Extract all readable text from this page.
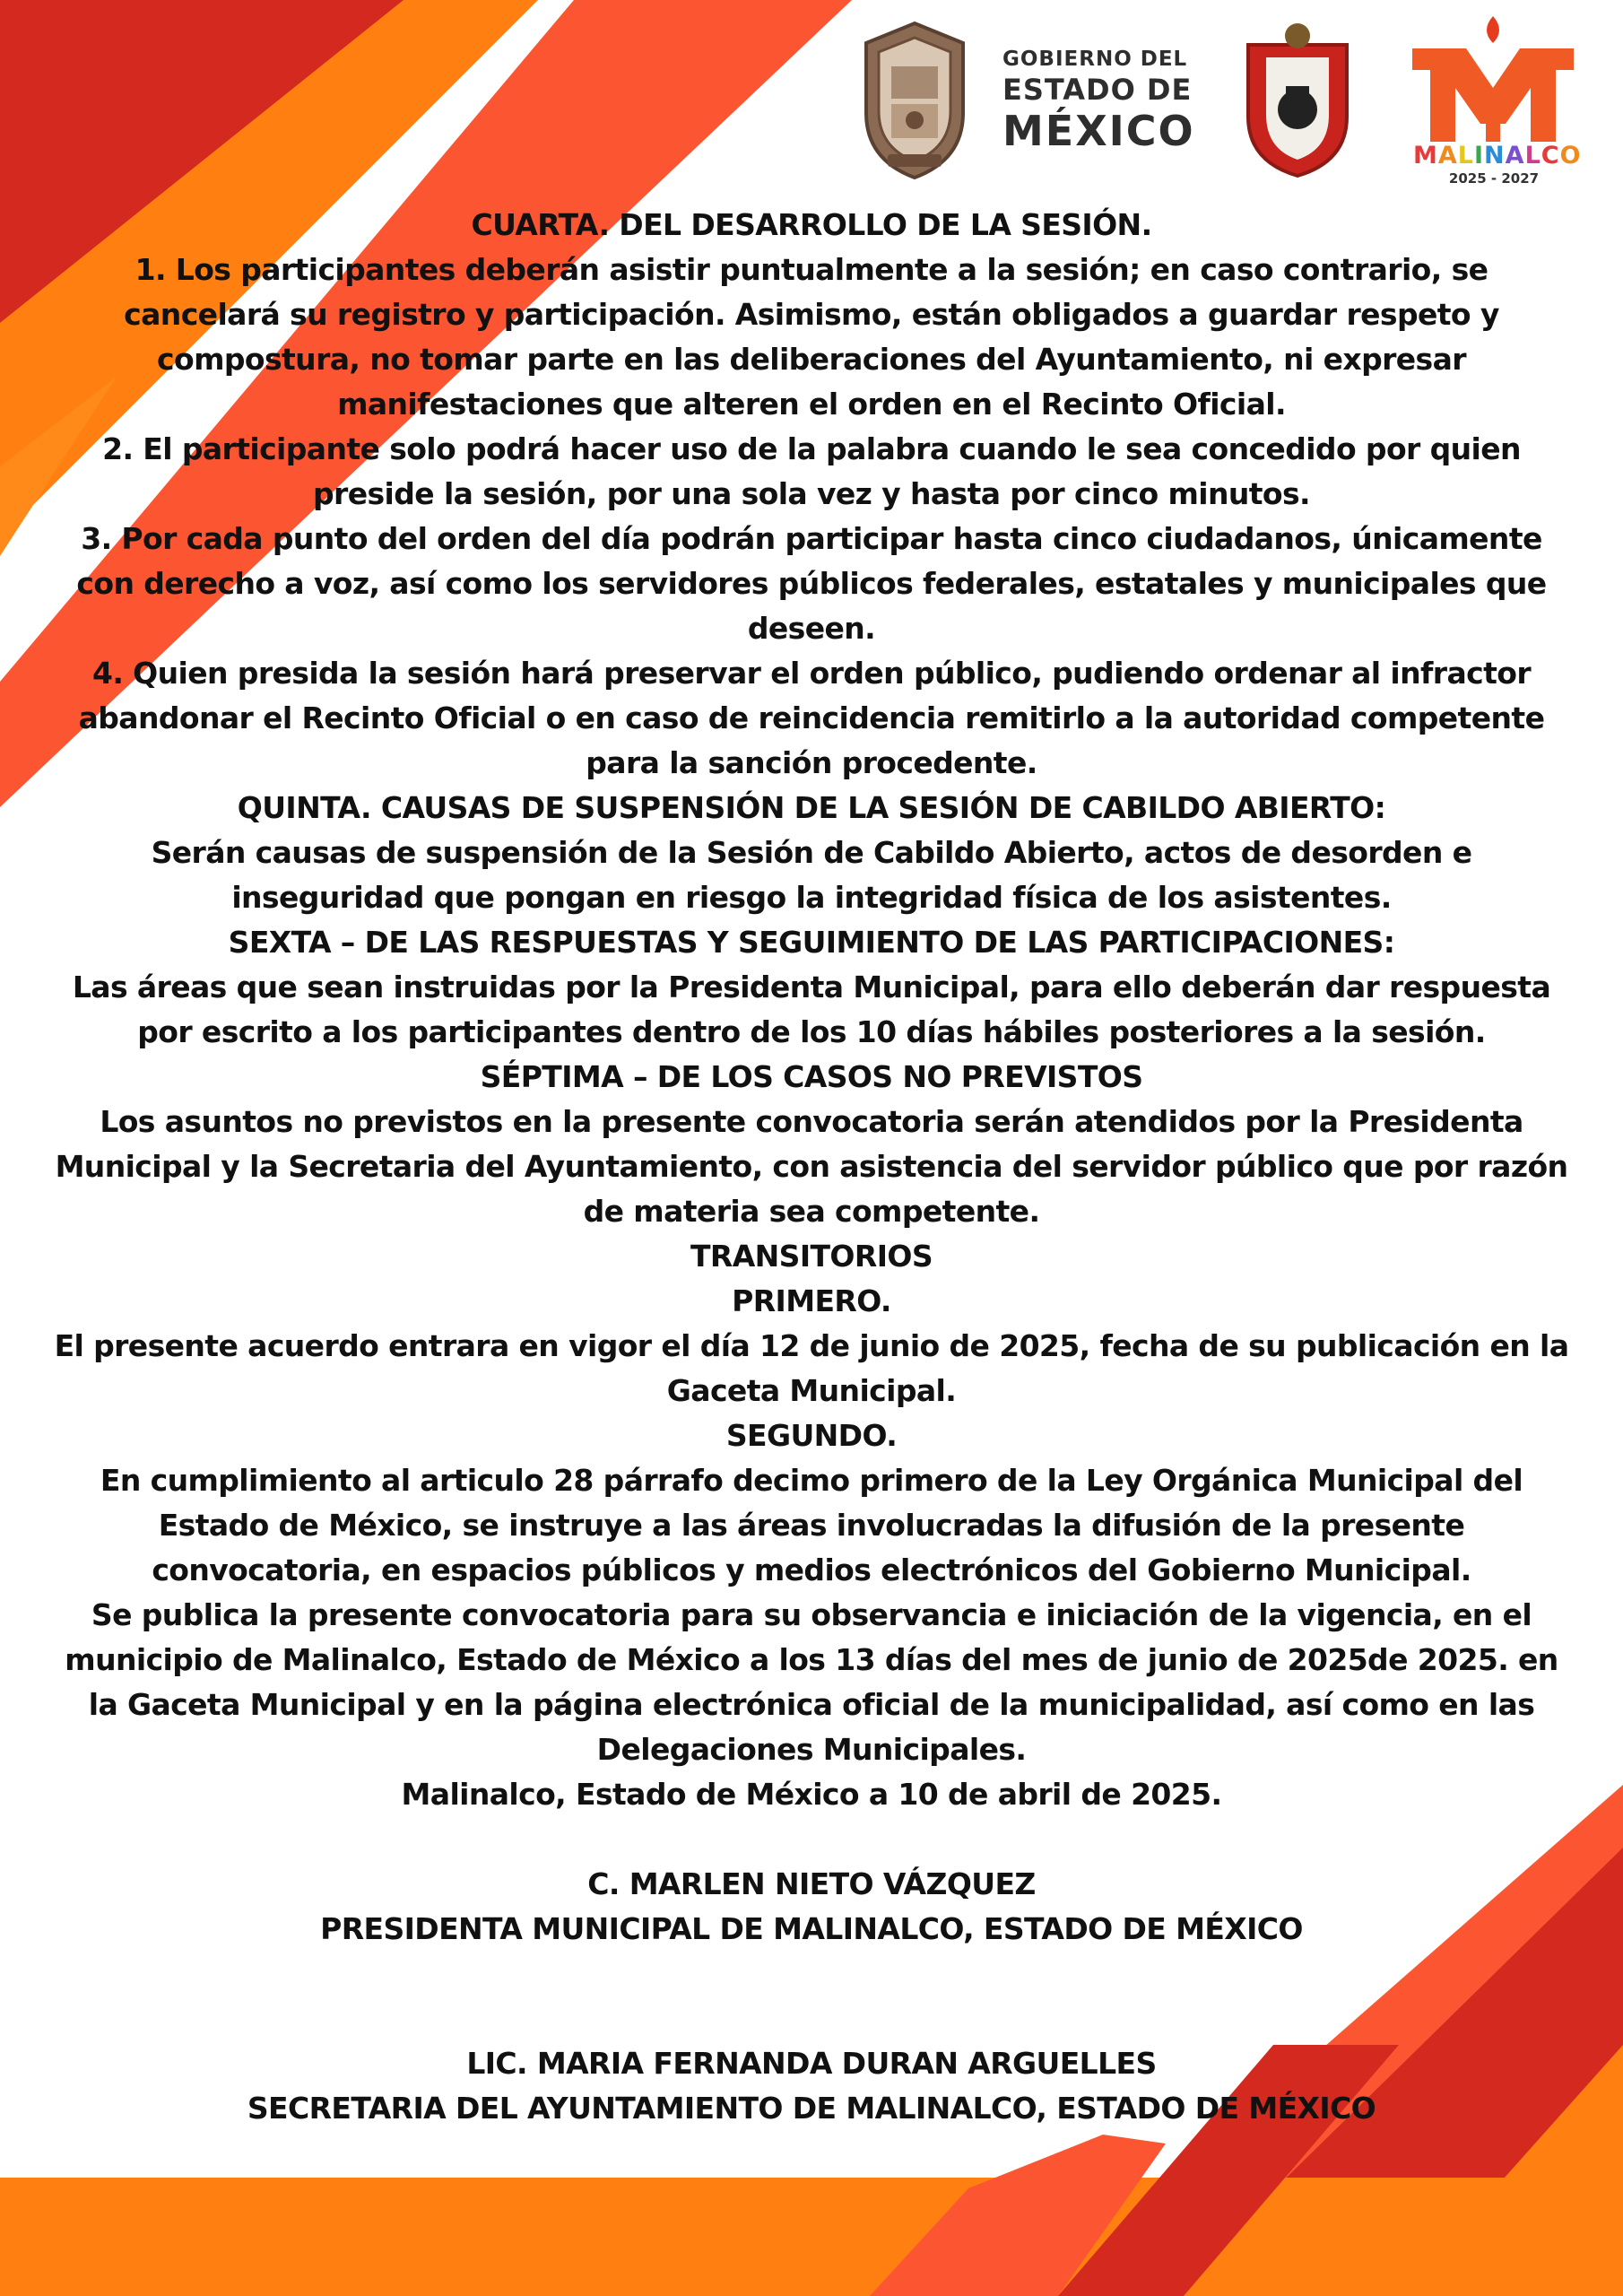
GOBIERNO DEL
ESTADO DE
MÉXICO
MALINALCO
2025 - 2027

CUARTA. DEL DESARROLLO DE LA SESIÓN.

1. Los participantes deberán asistir puntualmente a la sesión; en caso contrario, se cancelará su registro y participación. Asimismo, están obligados a guardar respeto y compostura, no tomar parte en las deliberaciones del Ayuntamiento, ni expresar manifestaciones que alteren el orden en el Recinto Oficial.

2. El participante solo podrá hacer uso de la palabra cuando le sea concedido por quien preside la sesión, por una sola vez y hasta por cinco minutos.

3. Por cada punto del orden del día podrán participar hasta cinco ciudadanos, únicamente con derecho a voz, así como los servidores públicos federales, estatales y municipales que deseen.

4. Quien presida la sesión hará preservar el orden público, pudiendo ordenar al infractor abandonar el Recinto Oficial o en caso de reincidencia remitirlo a la autoridad competente para la sanción procedente.

QUINTA. CAUSAS DE SUSPENSIÓN DE LA SESIÓN DE CABILDO ABIERTO:

Serán causas de suspensión de la Sesión de Cabildo Abierto, actos de desorden e inseguridad que pongan en riesgo la integridad física de los asistentes.

SEXTA – DE LAS RESPUESTAS Y SEGUIMIENTO DE LAS PARTICIPACIONES:

Las áreas que sean instruidas por la Presidenta Municipal, para ello deberán dar respuesta por escrito a los participantes dentro de los 10 días hábiles posteriores a la sesión.

SÉPTIMA – DE LOS CASOS NO PREVISTOS

Los asuntos no previstos en la presente convocatoria serán atendidos por la Presidenta Municipal y la Secretaria del Ayuntamiento, con asistencia del servidor público que por razón de materia sea competente.

TRANSITORIOS

PRIMERO.

El presente acuerdo entrara en vigor el día 12 de junio de 2025, fecha de su publicación en la Gaceta Municipal.

SEGUNDO.

En cumplimiento al articulo 28 párrafo decimo primero de la Ley Orgánica Municipal del Estado de México, se instruye a las áreas involucradas la difusión de la presente convocatoria, en espacios públicos y medios electrónicos del Gobierno Municipal.

Se publica la presente convocatoria para su observancia e iniciación de la vigencia, en el municipio de Malinalco, Estado de México a los 13 días del mes de junio de 2025de 2025. en la Gaceta Municipal y en la página electrónica oficial de la municipalidad, así como en las Delegaciones Municipales.

Malinalco, Estado de México a 10 de abril de 2025.

C. MARLEN NIETO VÁZQUEZ

PRESIDENTA MUNICIPAL DE MALINALCO, ESTADO DE MÉXICO

LIC. MARIA FERNANDA DURAN ARGUELLES

SECRETARIA DEL AYUNTAMIENTO DE MALINALCO, ESTADO DE MÉXICO
